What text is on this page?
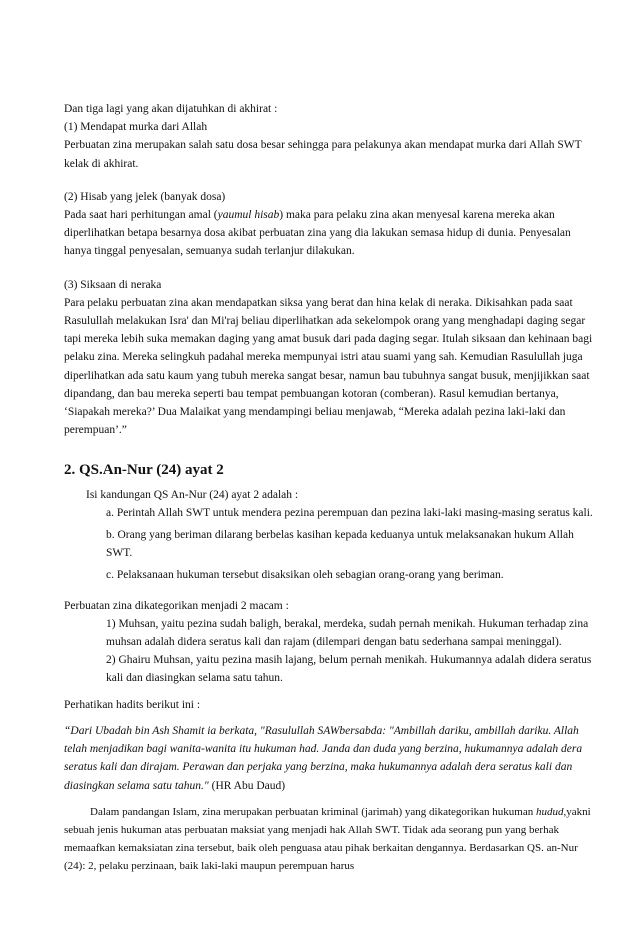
Dan tiga lagi yang akan dijatuhkan di akhirat :

(1) Mendapat murka dari Allah

Perbuatan zina merupakan salah satu dosa besar sehingga para pelakunya akan mendapat murka dari Allah SWT kelak di akhirat.

(2) Hisab yang jelek (banyak dosa)

Pada saat hari perhitungan amal (yaumul hisab) maka para pelaku zina akan menyesal karena mereka akan diperlihatkan betapa besarnya dosa akibat perbuatan zina yang dia lakukan semasa hidup di dunia. Penyesalan hanya tinggal penyesalan, semuanya sudah terlanjur dilakukan.

(3) Siksaan di neraka

Para pelaku perbuatan zina akan mendapatkan siksa yang berat dan hina kelak di neraka. Dikisahkan pada saat Rasulullah melakukan Isra' dan Mi'raj beliau diperlihatkan ada sekelompok orang yang menghadapi daging segar tapi mereka lebih suka memakan daging yang amat busuk dari pada daging segar. Itulah siksaan dan kehinaan bagi pelaku zina. Mereka selingkuh padahal mereka mempunyai istri atau suami yang sah. Kemudian Rasulullah juga diperlihatkan ada satu kaum yang tubuh mereka sangat besar, namun bau tubuhnya sangat busuk, menjijikkan saat dipandang, dan bau mereka seperti bau tempat pembuangan kotoran (comberan). Rasul kemudian bertanya, ‘Siapakah mereka?’ Dua Malaikat yang mendampingi beliau menjawab, “Mereka adalah pezina laki-laki dan perempuan’.”

2. QS.An-Nur (24) ayat 2

Isi kandungan QS An-Nur (24) ayat 2 adalah :

a. Perintah Allah SWT untuk mendera pezina perempuan dan pezina laki-laki masing-masing seratus kali.

b. Orang yang beriman dilarang berbelas kasihan kepada keduanya untuk melaksanakan hukum Allah SWT.

c. Pelaksanaan hukuman tersebut disaksikan oleh sebagian orang-orang yang beriman.

Perbuatan zina dikategorikan menjadi 2 macam :

1) Muhsan, yaitu pezina sudah baligh, berakal, merdeka, sudah pernah menikah. Hukuman terhadap zina muhsan adalah didera seratus kali dan rajam (dilempari dengan batu sederhana sampai meninggal).

2) Ghairu Muhsan, yaitu pezina masih lajang, belum pernah menikah. Hukumannya adalah didera seratus kali dan diasingkan selama satu tahun.

Perhatikan hadits berikut ini :

“Dari Ubadah bin Ash Shamit ia berkata, "Rasulullah SAWbersabda: "Ambillah dariku, ambillah dariku. Allah telah menjadikan bagi wanita-wanita itu hukuman had. Janda dan duda yang berzina, hukumannya adalah dera seratus kali dan dirajam. Perawan dan perjaka yang berzina, maka hukumannya adalah dera seratus kali dan diasingkan selama satu tahun." (HR Abu Daud)

Dalam pandangan Islam, zina merupakan perbuatan kriminal (jarimah) yang dikategorikan hukuman hudud,yakni sebuah jenis hukuman atas perbuatan maksiat yang menjadi hak Allah SWT. Tidak ada seorang pun yang berhak memaafkan kemaksiatan zina tersebut, baik oleh penguasa atau pihak berkaitan dengannya. Berdasarkan QS. an-Nur (24): 2, pelaku perzinaan, baik laki-laki maupun perempuan harus
